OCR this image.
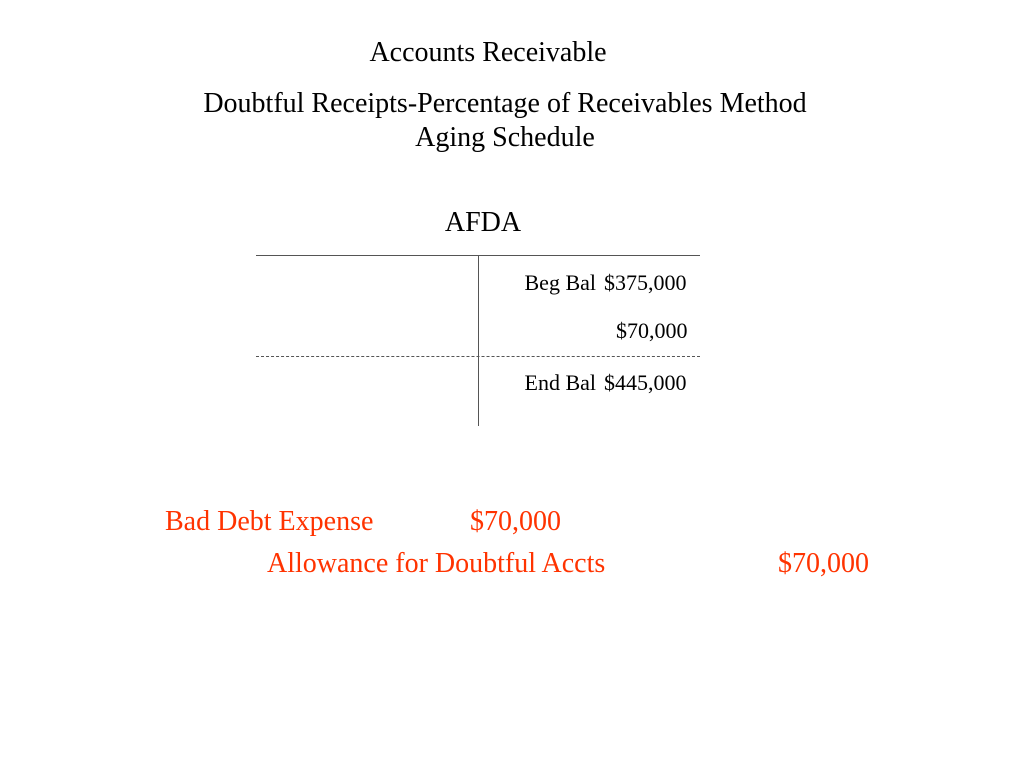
Accounts Receivable
Doubtful Receipts-Percentage of Receivables Method
Aging Schedule
AFDA
Beg Bal $375,000
$70,000
End Bal $445,000
Bad Debt Expense	$70,000
Allowance for Doubtful Accts	$70,000
